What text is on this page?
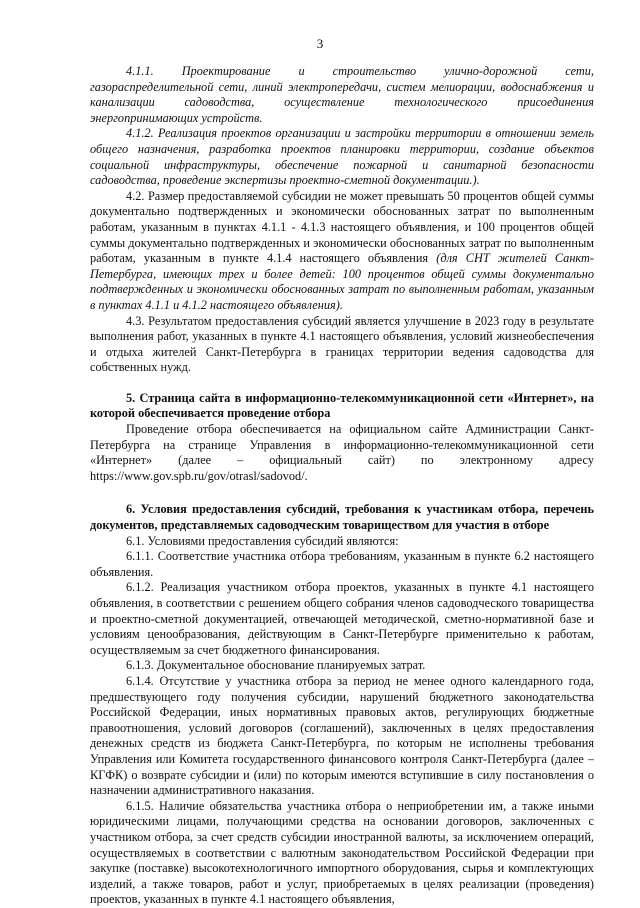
3

4.1.1. Проектирование и строительство улично-дорожной сети, газораспределительной сети, линий электропередачи, систем мелиорации, водоснабжения и канализации садоводства, осуществление технологического присоединения энергопринимающих устройств.

4.1.2. Реализация проектов организации и застройки территории в отношении земель общего назначения, разработка проектов планировки территории, создание объектов социальной инфраструктуры, обеспечение пожарной и санитарной безопасности садоводства, проведение экспертизы проектно-сметной документации.).

4.2. Размер предоставляемой субсидии не может превышать 50 процентов общей суммы документально подтвержденных и экономически обоснованных затрат по выполненным работам, указанным в пунктах 4.1.1 - 4.1.3 настоящего объявления, и 100 процентов общей суммы документально подтвержденных и экономически обоснованных затрат по выполненным работам, указанным в пункте 4.1.4 настоящего объявления (для СНТ жителей Санкт-Петербурга, имеющих трех и более детей: 100 процентов общей суммы документально подтвержденных и экономически обоснованных затрат по выполненным работам, указанным в пунктах 4.1.1 и 4.1.2 настоящего объявления).

4.3. Результатом предоставления субсидий является улучшение в 2023 году в результате выполнения работ, указанных в пункте 4.1 настоящего объявления, условий жизнеобеспечения и отдыха жителей Санкт-Петербурга в границах территории ведения садоводства для собственных нужд.

5. Страница сайта в информационно-телекоммуникационной сети «Интернет», на которой обеспечивается проведение отбора

Проведение отбора обеспечивается на официальном сайте Администрации Санкт-Петербурга на странице Управления в информационно-телекоммуникационной сети «Интернет» (далее – официальный сайт) по электронному адресу https://www.gov.spb.ru/gov/otrasl/sadovod/.

6. Условия предоставления субсидий, требования к участникам отбора, перечень документов, представляемых садоводческим товариществом для участия в отборе

6.1. Условиями предоставления субсидий являются:

6.1.1. Соответствие участника отбора требованиям, указанным в пункте 6.2 настоящего объявления.

6.1.2. Реализация участником отбора проектов, указанных в пункте 4.1 настоящего объявления, в соответствии с решением общего собрания членов садоводческого товарищества и проектно-сметной документацией, отвечающей методической, сметно-нормативной базе и условиям ценообразования, действующим в Санкт-Петербурге применительно к работам, осуществляемым за счет бюджетного финансирования.

6.1.3. Документальное обоснование планируемых затрат.

6.1.4. Отсутствие у участника отбора за период не менее одного календарного года, предшествующего году получения субсидии, нарушений бюджетного законодательства Российской Федерации, иных нормативных правовых актов, регулирующих бюджетные правоотношения, условий договоров (соглашений), заключенных в целях предоставления денежных средств из бюджета Санкт-Петербурга, по которым не исполнены требования Управления или Комитета государственного финансового контроля Санкт-Петербурга (далее – КГФК) о возврате субсидии и (или) по которым имеются вступившие в силу постановления о назначении административного наказания.

6.1.5. Наличие обязательства участника отбора о неприобретении им, а также иными юридическими лицами, получающими средства на основании договоров, заключенных с участником отбора, за счет средств субсидии иностранной валюты, за исключением операций, осуществляемых в соответствии с валютным законодательством Российской Федерации при закупке (поставке) высокотехнологичного импортного оборудования, сырья и комплектующих изделий, а также товаров, работ и услуг, приобретаемых в целях реализации (проведения) проектов, указанных в пункте 4.1 настоящего объявления,
